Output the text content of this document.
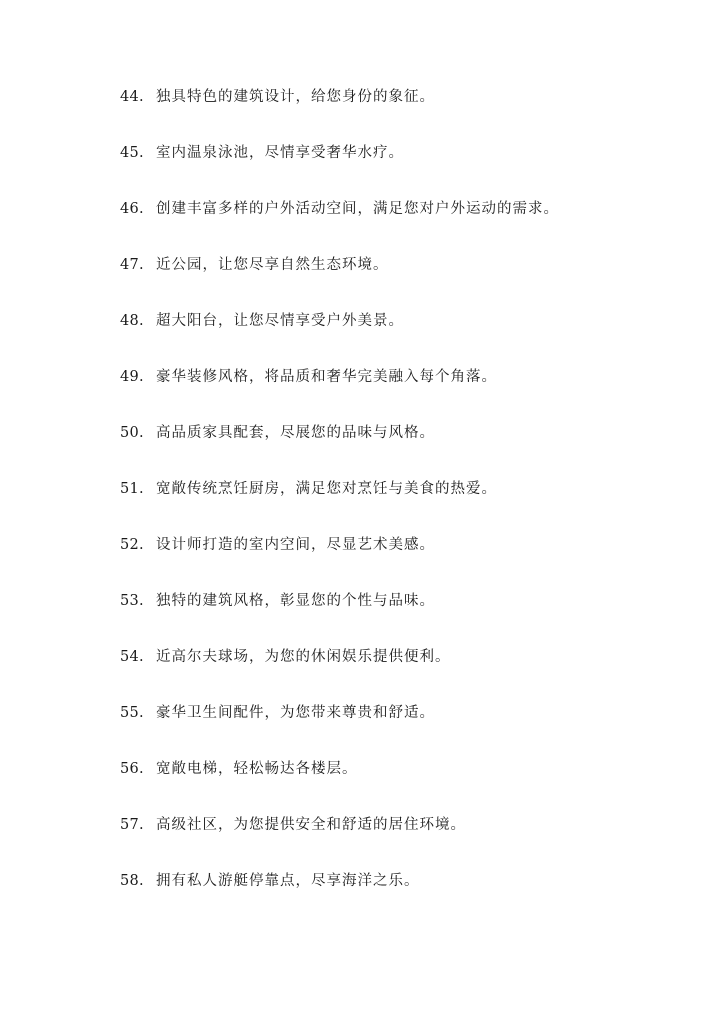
44. 独具特色的建筑设计，给您身份的象征。
45. 室内温泉泳池，尽情享受奢华水疗。
46. 创建丰富多样的户外活动空间，满足您对户外运动的需求。
47. 近公园，让您尽享自然生态环境。
48. 超大阳台，让您尽情享受户外美景。
49. 豪华装修风格，将品质和奢华完美融入每个角落。
50. 高品质家具配套，尽展您的品味与风格。
51. 宽敞传统烹饪厨房，满足您对烹饪与美食的热爱。
52. 设计师打造的室内空间，尽显艺术美感。
53. 独特的建筑风格，彰显您的个性与品味。
54. 近高尔夫球场，为您的休闲娱乐提供便利。
55. 豪华卫生间配件，为您带来尊贵和舒适。
56. 宽敞电梯，轻松畅达各楼层。
57. 高级社区，为您提供安全和舒适的居住环境。
58. 拥有私人游艇停靠点，尽享海洋之乐。
